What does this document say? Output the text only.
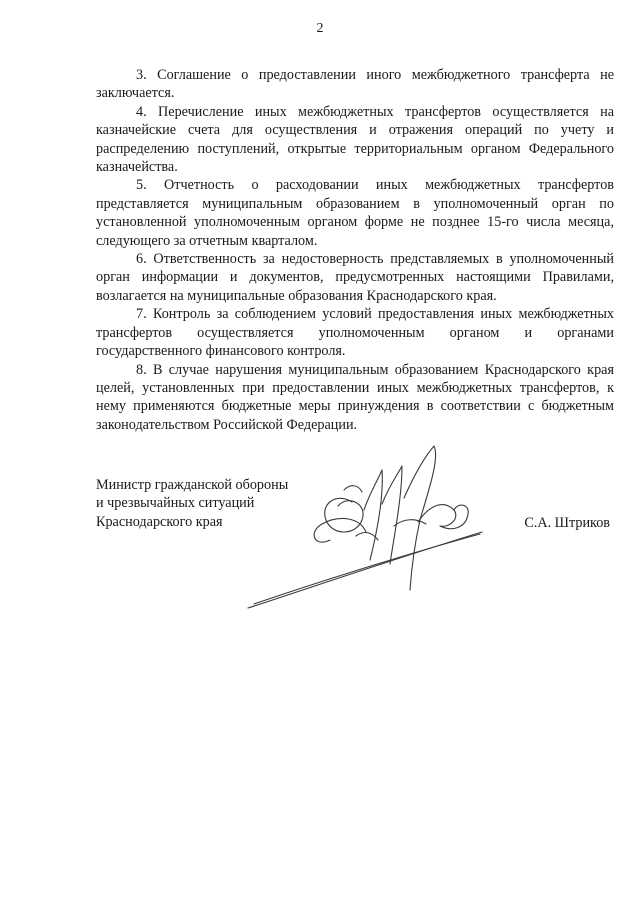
2

3. Соглашение о предоставлении иного межбюджетного трансферта не заключается.

4. Перечисление иных межбюджетных трансфертов осуществляется на казначейские счета для осуществления и отражения операций по учету и распределению поступлений, открытые территориальным органом Федерального казначейства.

5. Отчетность о расходовании иных межбюджетных трансфертов представляется муниципальным образованием в уполномоченный орган по установленной уполномоченным органом форме не позднее 15-го числа месяца, следующего за отчетным кварталом.

6. Ответственность за недостоверность представляемых в уполномоченный орган информации и документов, предусмотренных настоящими Правилами, возлагается на муниципальные образования Краснодарского края.

7. Контроль за соблюдением условий предоставления иных межбюджетных трансфертов осуществляется уполномоченным органом и органами государственного финансового контроля.

8. В случае нарушения муниципальным образованием Краснодарского края целей, установленных при предоставлении иных межбюджетных трансфертов, к нему применяются бюджетные меры принуждения в соответствии с бюджетным законодательством Российской Федерации.

Министр гражданской обороны
и чрезвычайных ситуаций
Краснодарского края	С.А. Штриков
